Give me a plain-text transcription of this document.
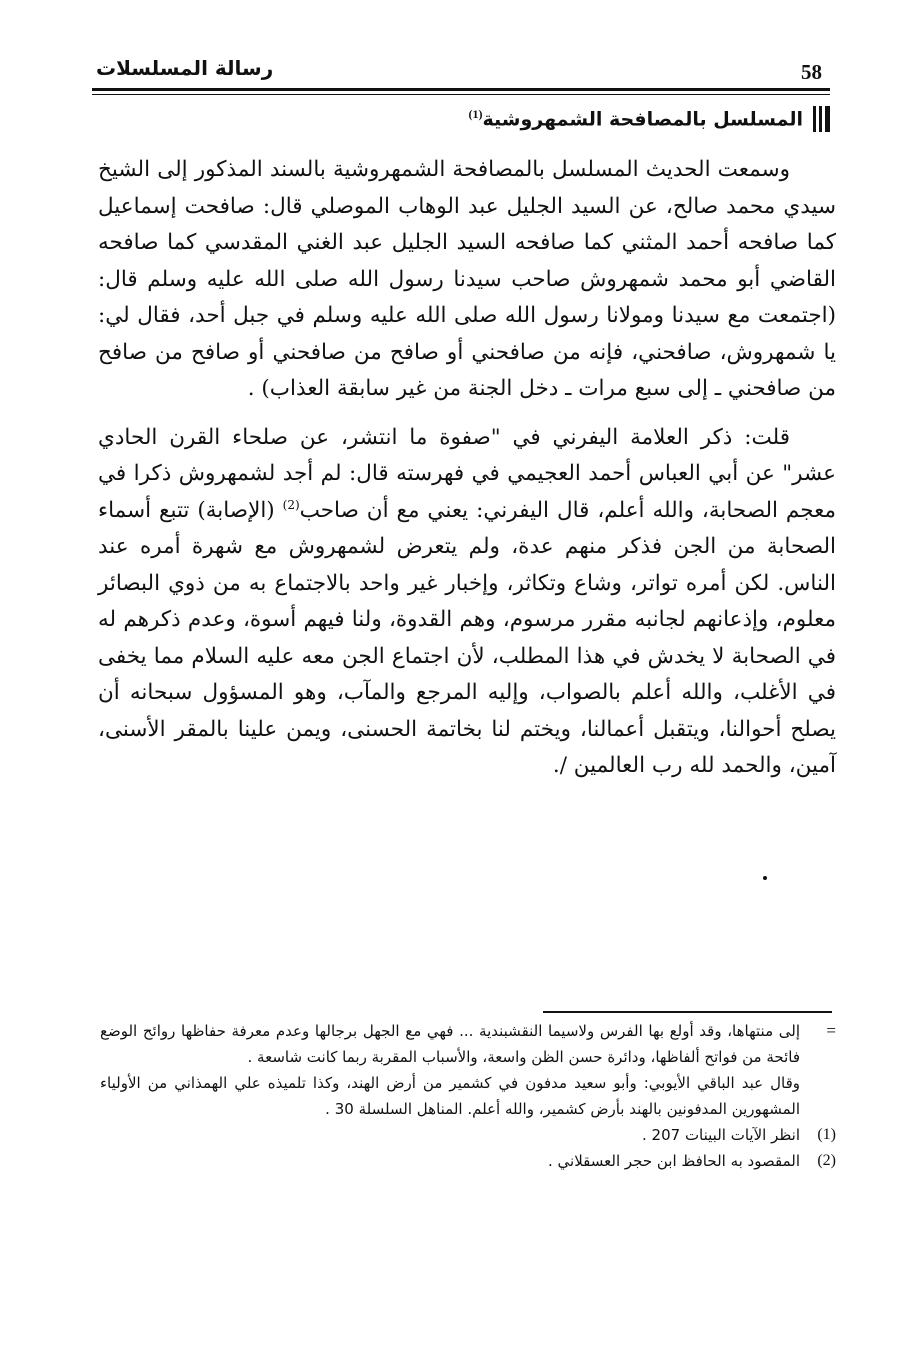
58
رسالة المسلسلات
المسلسل بالمصافحة الشمهروشية$^{(1)}$

وسمعت الحديث المسلسل بالمصافحة الشمهروشية بالسند المذكور إلى الشيخ سيدي محمد صالح، عن السيد الجليل عبد الوهاب الموصلي قال: صافحت إسماعيل كما صافحه أحمد المثني كما صافحه السيد الجليل عبد الغني المقدسي كما صافحه القاضي أبو محمد شمهروش صاحب سيدنا رسول الله صلى الله عليه وسلم قال: (اجتمعت مع سيدنا ومولانا رسول الله صلى الله عليه وسلم في جبل أحد، فقال لي: يا شمهروش، صافحني، فإنه من صافحني أو صافح من صافحني أو صافح من صافح من صافحني ـ إلى سبع مرات ـ دخل الجنة من غير سابقة العذاب) .

قلت: ذكر العلامة اليفرني في "صفوة ما انتشر، عن صلحاء القرن الحادي عشر" عن أبي العباس أحمد العجيمي في فهرسته قال: لم أجد لشمهروش ذكرا في معجم الصحابة، والله أعلم، قال اليفرني: يعني مع أن صاحب$^{(2)}$ (الإصابة) تتبع أسماء الصحابة من الجن فذكر منهم عدة، ولم يتعرض لشمهروش مع شهرة أمره عند الناس. لكن أمره تواتر، وشاع وتكاثر، وإخبار غير واحد بالاجتماع به من ذوي البصائر معلوم، وإذعانهم لجانبه مقرر مرسوم، وهم القدوة، ولنا فيهم أسوة، وعدم ذكرهم له في الصحابة لا يخدش في هذا المطلب، لأن اجتماع الجن معه عليه السلام مما يخفى في الأغلب، والله أعلم بالصواب، وإليه المرجع والمآب، وهو المسؤول سبحانه أن يصلح أحوالنا، ويتقبل أعمالنا، ويختم لنا بخاتمة الحسنى، ويمن علينا بالمقر الأسنى، آمين، والحمد لله رب العالمين /.

=

إلى منتهاها، وقد أولع بها الفرس ولاسيما النقشبندية ... فهي مع الجهل برجالها وعدم معرفة حفاظها روائح الوضع فائحة من فواتح ألفاظها، ودائرة حسن الظن واسعة، والأسباب المقربة ربما كانت شاسعة .

وقال عبد الباقي الأيوبي: وأبو سعيد مدفون في كشمير من أرض الهند، وكذا تلميذه علي الهمذاني من الأولياء المشهورين المدفونين بالهند بأرض كشمير، والله أعلم. المناهل السلسلة 30 .

(1)
انظر الآيات البينات 207 .
(2)
المقصود به الحافظ ابن حجر العسقلاني .
